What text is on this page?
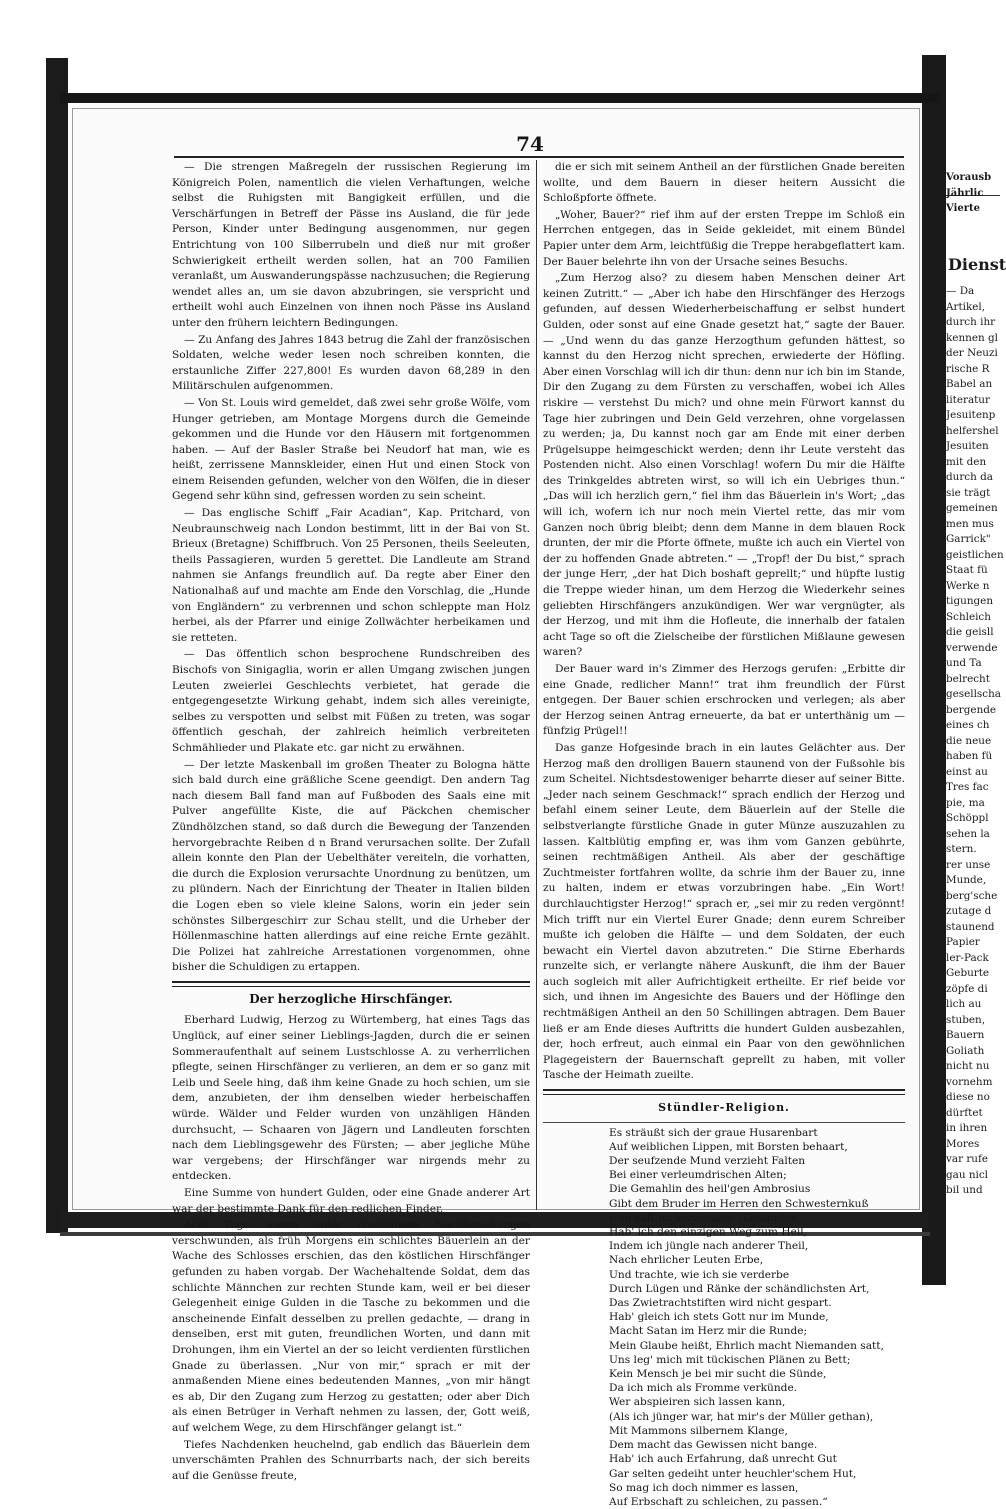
74
— Die strengen Maßregeln der russischen Regierung im Königreich Polen, namentlich die vielen Verhaftungen, welche selbst die Ruhigsten mit Bangigkeit erfüllen, und die Verschärfungen in Betreff der Pässe ins Ausland, die für jede Person, Kinder unter Bedingung ausgenommen, nur gegen Entrichtung von 100 Silberrubeln und dieß nur mit großer Schwierigkeit ertheilt werden sollen, hat an 700 Familien veranlaßt, um Auswanderungspässe nachzusuchen; die Regierung wendet alles an, um sie davon abzubringen, sie verspricht und ertheilt wohl auch Einzelnen von ihnen noch Pässe ins Ausland unter den frühern leichtern Bedingungen.
— Zu Anfang des Jahres 1843 betrug die Zahl der französischen Soldaten, welche weder lesen noch schreiben konnten, die erstaunliche Ziffer 227,800! Es wurden davon 68,289 in den Militärschulen aufgenommen.
— Von St. Louis wird gemeldet, daß zwei sehr große Wölfe, vom Hunger getrieben, am Montage Morgens durch die Gemeinde gekommen und die Hunde vor den Häusern mit fortgenommen haben. — Auf der Basler Straße bei Neudorf hat man, wie es heißt, zerrissene Mannskleider, einen Hut und einen Stock von einem Reisenden gefunden, welcher von den Wölfen, die in dieser Gegend sehr kühn sind, gefressen worden zu sein scheint.
— Das englische Schiff „Fair Acadian“, Kap. Pritchard, von Neubraunschweig nach London bestimmt, litt in der Bai von St. Brieux (Bretagne) Schiffbruch. Von 25 Personen, theils Seeleuten, theils Passagieren, wurden 5 gerettet. Die Landleute am Strand nahmen sie Anfangs freundlich auf. Da regte aber Einer den Nationalhaß auf und machte am Ende den Vorschlag, die „Hunde von Engländern“ zu verbrennen und schon schleppte man Holz herbei, als der Pfarrer und einige Zollwächter herbeikamen und sie retteten.
— Das öffentlich schon besprochene Rundschreiben des Bischofs von Sinigaglia, worin er allen Umgang zwischen jungen Leuten zweierlei Geschlechts verbietet, hat gerade die entgegengesetzte Wirkung gehabt, indem sich alles vereinigte, selbes zu verspotten und selbst mit Füßen zu treten, was sogar öffentlich geschah, der zahlreich heimlich verbreiteten Schmählieder und Plakate etc. gar nicht zu erwähnen.
— Der letzte Maskenball im großen Theater zu Bologna hätte sich bald durch eine gräßliche Scene geendigt. Den andern Tag nach diesem Ball fand man auf Fußboden des Saals eine mit Pulver angefüllte Kiste, die auf Päckchen chemischer Zündhölzchen stand, so daß durch die Bewegung der Tanzenden hervorgebrachte Reiben d n Brand verursachen sollte. Der Zufall allein konnte den Plan der Uebelthäter vereiteln, die vorhatten, die durch die Explosion verursachte Unordnung zu benützen, um zu plündern. Nach der Einrichtung der Theater in Italien bilden die Logen eben so viele kleine Salons, worin ein jeder sein schönstes Silbergeschirr zur Schau stellt, und die Urheber der Höllenmaschine hatten allerdings auf eine reiche Ernte gezählt. Die Polizei hat zahlreiche Arrestationen vorgenommen, ohne bisher die Schuldigen zu ertappen.
Der herzogliche Hirschfänger.
Eberhard Ludwig, Herzog zu Würtemberg, hat eines Tags das Unglück, auf einer seiner Lieblings-Jagden, durch die er seinen Sommeraufenthalt auf seinem Lustschlosse A. zu verherrlichen pflegte, seinen Hirschfänger zu verlieren, an dem er so ganz mit Leib und Seele hing, daß ihm keine Gnade zu hoch schien, um sie dem, anzubieten, der ihm denselben wieder herbeischaffen würde. Wälder und Felder wurden von unzähligen Händen durchsucht, — Schaaren von Jägern und Landleuten forschten nach dem Lieblingsgewehr des Fürsten; — aber jegliche Mühe war vergebens; der Hirschfänger war nirgends mehr zu entdecken.
Eine Summe von hundert Gulden, oder eine Gnade anderer Art war der bestimmte Dank für den redlichen Finder.
Acht Tage waren unter fruchtlosen Nachforschungen verschwunden, als früh Morgens ein schlichtes Bäuerlein an der Wache des Schlosses erschien, das den köstlichen Hirschfänger gefunden zu haben vorgab. Der Wachehaltende Soldat, dem das schlichte Männchen zur rechten Stunde kam, weil er bei dieser Gelegenheit einige Gulden in die Tasche zu bekommen und die anscheinende Einfalt desselben zu prellen gedachte, — drang in denselben, erst mit guten, freundlichen Worten, und dann mit Drohungen, ihm ein Viertel an der so leicht verdienten fürstlichen Gnade zu überlassen. „Nur von mir,“ sprach er mit der anmaßenden Miene eines bedeutenden Mannes, „von mir hängt es ab, Dir den Zugang zum Herzog zu gestatten; oder aber Dich als einen Betrüger in Verhaft nehmen zu lassen, der, Gott weiß, auf welchem Wege, zu dem Hirschfänger gelangt ist.“
Tiefes Nachdenken heuchelnd, gab endlich das Bäuerlein dem unverschämten Prahlen des Schnurrbarts nach, der sich bereits auf die Genüsse freute,
die er sich mit seinem Antheil an der fürstlichen Gnade bereiten wollte, und dem Bauern in dieser heitern Aussicht die Schloßpforte öffnete.
„Woher, Bauer?“ rief ihm auf der ersten Treppe im Schloß ein Herrchen entgegen, das in Seide gekleidet, mit einem Bündel Papier unter dem Arm, leichtfüßig die Treppe herabgeflattert kam. Der Bauer belehrte ihn von der Ursache seines Besuchs.
„Zum Herzog also? zu diesem haben Menschen deiner Art keinen Zutritt.“ — „Aber ich habe den Hirschfänger des Herzogs gefunden, auf dessen Wiederherbeischaffung er selbst hundert Gulden, oder sonst auf eine Gnade gesetzt hat,“ sagte der Bauer. — „Und wenn du das ganze Herzogthum gefunden hättest, so kannst du den Herzog nicht sprechen, erwiederte der Höfling. Aber einen Vorschlag will ich dir thun: denn nur ich bin im Stande, Dir den Zugang zu dem Fürsten zu verschaffen, wobei ich Alles riskire — verstehst Du mich? und ohne mein Fürwort kannst du Tage hier zubringen und Dein Geld verzehren, ohne vorgelassen zu werden; ja, Du kannst noch gar am Ende mit einer derben Prügelsuppe heimgeschickt werden; denn ihr Leute versteht das Postenden nicht. Also einen Vorschlag! wofern Du mir die Hälfte des Trinkgeldes abtreten wirst, so will ich ein Uebriges thun.“ „Das will ich herzlich gern,“ fiel ihm das Bäuerlein in's Wort; „das will ich, wofern ich nur noch mein Viertel rette, das mir vom Ganzen noch übrig bleibt; denn dem Manne in dem blauen Rock drunten, der mir die Pforte öffnete, mußte ich auch ein Viertel von der zu hoffenden Gnade abtreten.“ — „Tropf! der Du bist,“ sprach der junge Herr, „der hat Dich boshaft geprellt;“ und hüpfte lustig die Treppe wieder hinan, um dem Herzog die Wiederkehr seines geliebten Hirschfängers anzukündigen. Wer war vergnügter, als der Herzog, und mit ihm die Hofleute, die innerhalb der fatalen acht Tage so oft die Zielscheibe der fürstlichen Mißlaune gewesen waren?
Der Bauer ward in's Zimmer des Herzogs gerufen: „Erbitte dir eine Gnade, redlicher Mann!“ trat ihm freundlich der Fürst entgegen. Der Bauer schien erschrocken und verlegen; als aber der Herzog seinen Antrag erneuerte, da bat er unterthänig um — fünfzig Prügel!!
Das ganze Hofgesinde brach in ein lautes Gelächter aus. Der Herzog maß den drolligen Bauern staunend von der Fußsohle bis zum Scheitel. Nichtsdestoweniger beharrte dieser auf seiner Bitte. „Jeder nach seinem Geschmack!“ sprach endlich der Herzog und befahl einem seiner Leute, dem Bäuerlein auf der Stelle die selbstverlangte fürstliche Gnade in guter Münze auszuzahlen zu lassen. Kaltblütig empfing er, was ihm vom Ganzen gebührte, seinen rechtmäßigen Antheil. Als aber der geschäftige Zuchtmeister fortfahren wollte, da schrie ihm der Bauer zu, inne zu halten, indem er etwas vorzubringen habe. „Ein Wort! durchlauchtigster Herzog!“ sprach er, „sei mir zu reden vergönnt! Mich trifft nur ein Viertel Eurer Gnade; denn eurem Schreiber mußte ich geloben die Hälfte — und dem Soldaten, der euch bewacht ein Viertel davon abzutreten.“ Die Stirne Eberhards runzelte sich, er verlangte nähere Auskunft, die ihm der Bauer auch sogleich mit aller Aufrichtigkeit ertheilte. Er rief beide vor sich, und ihnen im Angesichte des Bauers und der Höflinge den rechtmäßigen Antheil an den 50 Schillingen abtragen. Dem Bauer ließ er am Ende dieses Auftritts die hundert Gulden ausbezahlen, der, hoch erfreut, auch einmal ein Paar von den gewöhnlichen Plagegeistern der Bauernschaft geprellt zu haben, mit voller Tasche der Heimath zueilte.
Stündler-Religion.
Es sträußt sich der graue Husarenbart
Auf weiblichen Lippen, mit Borsten behaart,
Der seufzende Mund verzieht Falten
Bei einer verleumdrischen Alten;
Die Gemahlin des heil'gen Ambrosius
Gibt dem Bruder im Herren den Schwesternkuß
Und ruft im Verzücken: „Gesunden
Hab' ich den einzigen Weg zum Heil,
Indem ich jüngle nach anderer Theil,
Nach ehrlicher Leuten Erbe,
Und trachte, wie ich sie verderbe
Durch Lügen und Ränke der schändlichsten Art,
Das Zwietrachtstiften wird nicht gespart.
Hab' gleich ich stets Gott nur im Munde,
Macht Satan im Herz mir die Runde;
Mein Glaube heißt, Ehrlich macht Niemanden satt,
Uns leg' mich mit tückischen Plänen zu Bett;
Kein Mensch je bei mir sucht die Sünde,
Da ich mich als Fromme verkünde.
Wer abspieiren sich lassen kann,
(Als ich jünger war, hat mir's der Müller gethan),
Mit Mammons silbernem Klange,
Dem macht das Gewissen nicht bange.
Hab' ich auch Erfahrung, daß unrecht Gut
Gar selten gedeiht unter heuchler'schem Hut,
So mag ich doch nimmer es lassen,
Auf Erbschaft zu schleichen, zu passen.“
Vorausb
Jährlic
Vierte
Dienst
— Da
Artikel,
durch ihr
kennen gl
der Neuzi
rische R
Babel an
literatur
Jesuitenp
helfershel
Jesuiten
mit den
durch da
sie trägt
gemeinen
men mus
Garrick"
geistlichen
Staat fü
Werke n
tigungen
Schleich
die geisll
verwende
und Ta
belrecht
gesellscha
bergende
eines ch
die neue
haben fü
einst au
Tres fac
pie, ma
Schöppl
sehen la
stern.
rer unse
Munde,
berg'sche
zutage d
staunend
Papier
ler-Pack
Geburte
zöpfe di
lich au
stuben,
Bauern
Goliath
nicht nu
vornehm
diese no
dürftet
in ihren
Mores
var rufe
gau nicl
bil und
